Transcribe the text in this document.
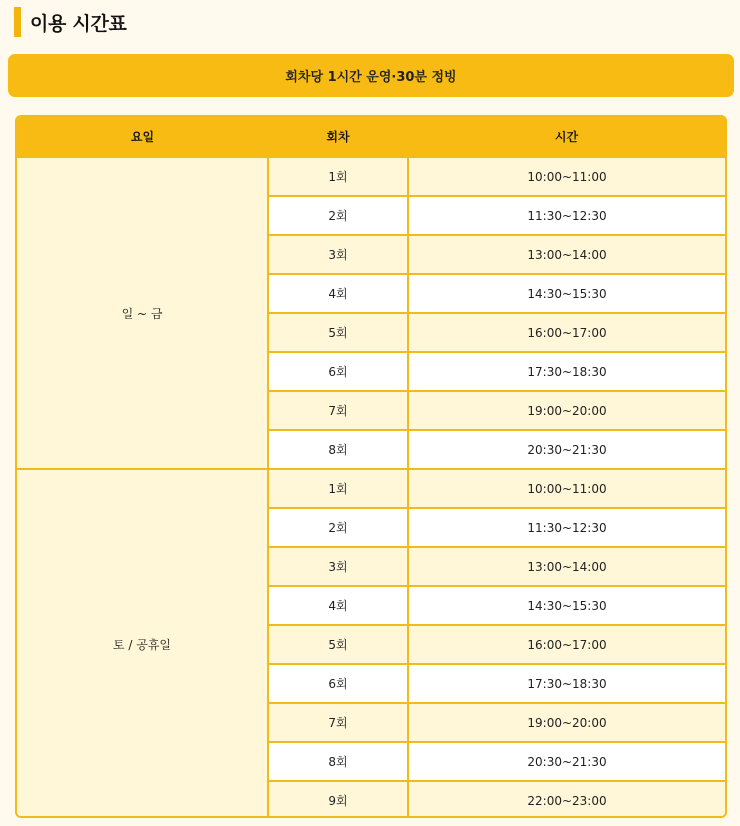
이용 시간표
회차당 1시간 운영·30분 정빙
요일	회차	시간
일 ~ 금	1회	10:00~11:00
	2회	11:30~12:30
	3회	13:00~14:00
	4회	14:30~15:30
	5회	16:00~17:00
	6회	17:30~18:30
	7회	19:00~20:00
	8회	20:30~21:30
토 / 공휴일	1회	10:00~11:00
	2회	11:30~12:30
	3회	13:00~14:00
	4회	14:30~15:30
	5회	16:00~17:00
	6회	17:30~18:30
	7회	19:00~20:00
	8회	20:30~21:30
	9회	22:00~23:00
